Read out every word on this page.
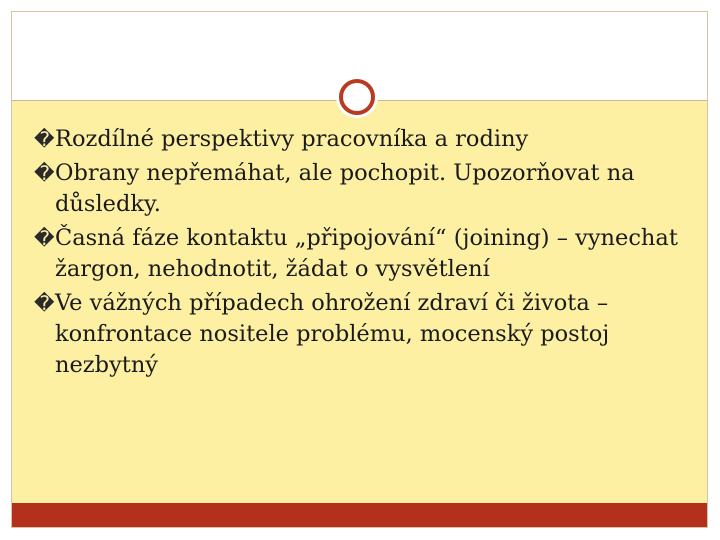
� Rozdílné perspektivy pracovníka a rodiny
� Obrany nepřemáhat, ale pochopit. Upozorňovat na důsledky.
� Časná fáze kontaktu „připojování“ (joining) – vynechat žargon, nehodnotit, žádat o vysvětlení
� Ve vážných případech ohrožení zdraví či života – konfrontace nositele problému, mocenský postoj nezbytný
